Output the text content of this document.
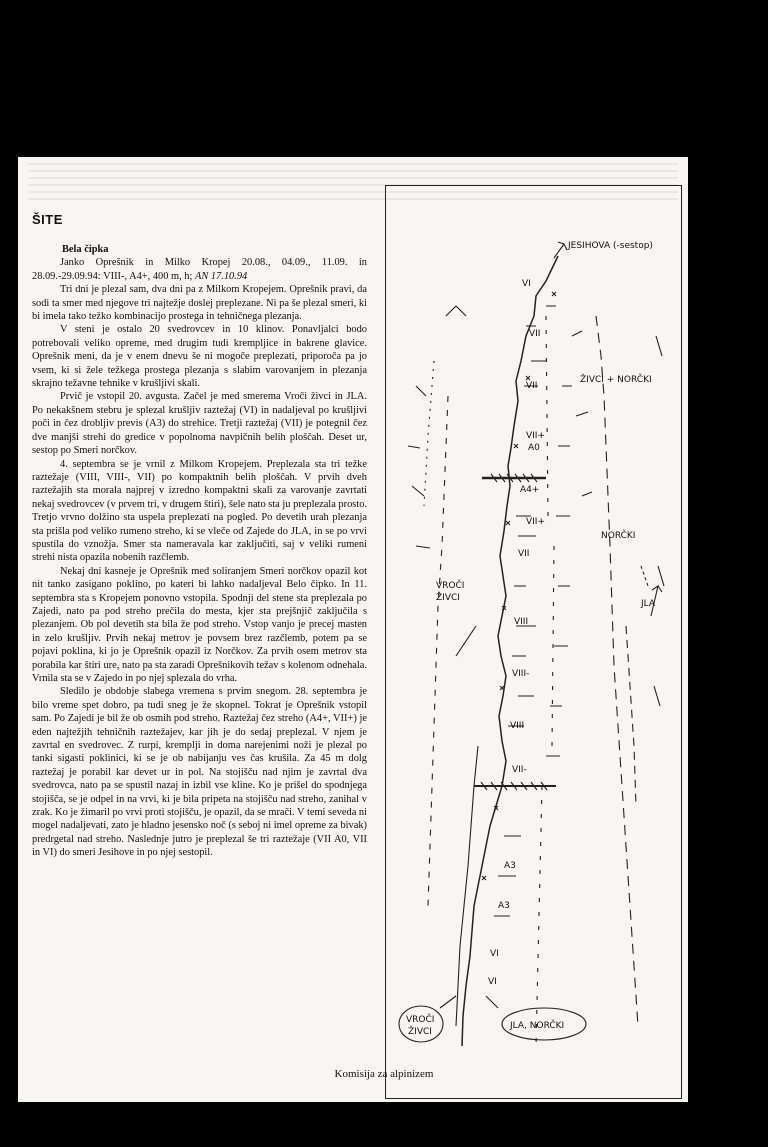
ŠITE
Bela čipka

Janko Oprešnik in Milko Kropej 20.08., 04.09., 11.09. in 28.09.-29.09.94: VIII-, A4+, 400 m, h; AN 17.10.94

Tri dni je plezal sam, dva dni pa z Milkom Kropejem. Oprešnik pravi, da sodi ta smer med njegove tri najtežje doslej preplezane. Ni pa še plezal smeri, ki bi imela tako težko kombinacijo prostega in tehničnega plezanja.

V steni je ostalo 20 svedrovcev in 10 klinov. Ponavljalci bodo potrebovali veliko opreme, med drugim tudi krempljice in bakrene glavice. Oprešnik meni, da je v enem dnevu še ni mogoče preplezati, priporoča pa jo vsem, ki si žele težkega prostega plezanja s slabim varovanjem in plezanja skrajno težavne tehnike v krušljivi skali.

Prvič je vstopil 20. avgusta. Začel je med smerema Vroči živci in JLA. Po nekakšnem stebru je splezal krušljiv raztežaj (VI) in nadaljeval po krušljivi poči in čez drobljiv previs (A3) do strehice. Tretji raztežaj (VII) je potegnil čez dve manjši strehi do gredice v popolnoma navpičnih belih ploščah. Deset ur, sestop po Smeri norčkov.

4. septembra se je vrnil z Milkom Kropejem. Preplezala sta tri težke raztežaje (VIII, VIII-, VII) po kompaktnih belih ploščah. V prvih dveh raztežajih sta morala najprej v izredno kompaktni skali za varovanje zavrtati nekaj svedrovcev (v prvem tri, v drugem štiri), šele nato sta ju preplezala prosto. Tretjo vrvno dolžino sta uspela preplezati na pogled. Po devetih urah plezanja sta prišla pod veliko rumeno streho, ki se vleče od Zajede do JLA, in se po vrvi spustila do vznožja. Smer sta nameravala kar zaključiti, saj v veliki rumeni strehi nista opazila nobenih razčlemb.

Nekaj dni kasneje je Oprešnik med soliranjem Smeri norčkov opazil kot nit tanko zasigano poklino, po kateri bi lahko nadaljeval Belo čipko. In 11. septembra sta s Kropejem ponovno vstopila. Spodnji del stene sta preplezala po Zajedi, nato pa pod streho prečila do mesta, kjer sta prejšnjič zaključila s plezanjem. Ob pol devetih sta bila že pod streho. Vstop vanjo je precej masten in zelo krušljiv. Prvih nekaj metrov je povsem brez razčlemb, potem pa se pojavi poklina, ki jo je Oprešnik opazil iz Norčkov. Za prvih osem metrov sta porabila kar štiri ure, nato pa sta zaradi Oprešnikovih težav s kolenom odnehala. Vrnila sta se v Zajedo in po njej splezala do vrha.

Sledilo je obdobje slabega vremena s prvim snegom. 28. septembra je bilo vreme spet dobro, pa tudi sneg je že skopnel. Tokrat je Oprešnik vstopil sam. Po Zajedi je bil že ob osmih pod streho. Raztežaj čez streho (A4+, VII+) je eden najtežjih tehničnih raztežajev, kar jih je do sedaj preplezal. V njem je zavrtal en svedrovec. Z rurpi, kremplji in doma narejenimi noži je plezal po tanki sigasti poklinici, ki se je ob nabijanju ves čas krušila. Za 45 m dolg raztežaj je porabil kar devet ur in pol. Na stojišču nad njim je zavrtal dva svedrovca, nato pa se spustil nazaj in izbil vse kline. Ko je prišel do spodnjega stojišča, se je odpel in na vrvi, ki je bila pripeta na stojišču nad streho, zanihal v zrak. Ko je žimaril po vrvi proti stojišču, je opazil, da se mrači. V temi seveda ni mogel nadaljevati, zato je hladno jesensko noč (s seboj ni imel opreme za bivak) predrgetal nad streho. Naslednje jutro je preplezal še tri raztežaje (VII A0, VII in VI) do smeri Jesihove in po njej sestopil.

JESIHOVA (-sestop)
ŽIVCI + NORČKI
NORČKI
VROČI
ŽIVCI
JLA
VROČI
ŽIVCI
JLA, NORČKI
VI
VII
VII
VII+
A0
A4+
VII+
VII
VIII
VIII-
VIII
VII-
A3
A3
VI
VI
Komisija za alpinizem
